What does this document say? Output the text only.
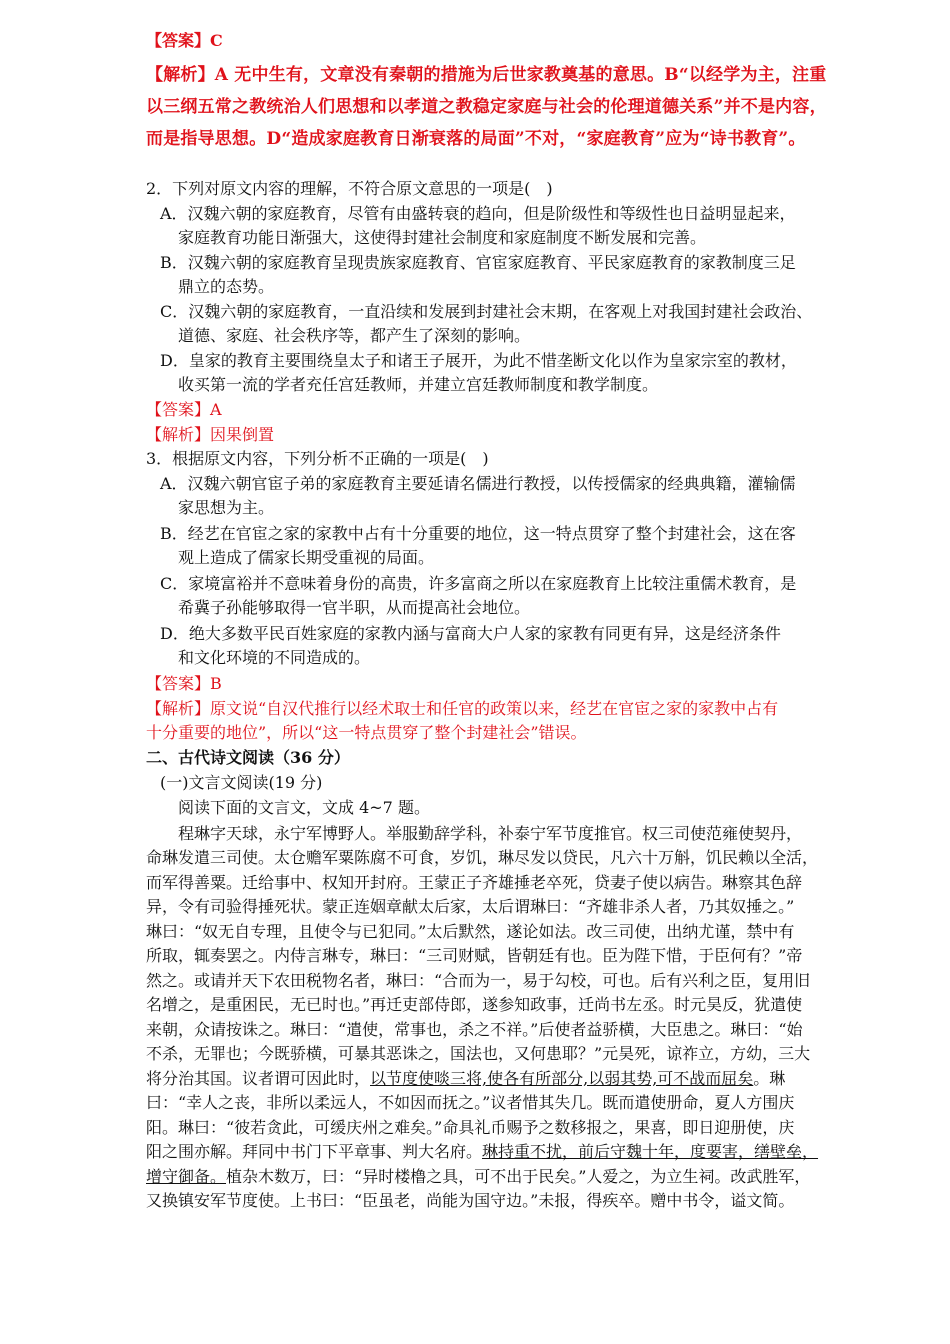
【答案】C
【解析】A 无中生有，文章没有秦朝的措施为后世家教奠基的意思。B“以经学为主，注重
以三纲五常之教统治人们思想和以孝道之教稳定家庭与社会的伦理道德关系”并不是内容，
而是指导思想。D“造成家庭教育日渐衰落的局面”不对，“家庭教育”应为“诗书教育”。
2．下列对原文内容的理解，不符合原文意思的一项是(　)
A．汉魏六朝的家庭教育，尽管有由盛转衰的趋向，但是阶级性和等级性也日益明显起来，
家庭教育功能日渐强大，这使得封建社会制度和家庭制度不断发展和完善。
B．汉魏六朝的家庭教育呈现贵族家庭教育、官宦家庭教育、平民家庭教育的家教制度三足
鼎立的态势。
C．汉魏六朝的家庭教育，一直沿续和发展到封建社会末期，在客观上对我国封建社会政治、
道德、家庭、社会秩序等，都产生了深刻的影响。
D．皇家的教育主要围绕皇太子和诸王子展开，为此不惜垄断文化以作为皇家宗室的教材，
收买第一流的学者充任宫廷教师，并建立宫廷教师制度和教学制度。
【答案】A
【解析】因果倒置
3．根据原文内容，下列分析不正确的一项是(　)
A．汉魏六朝官宦子弟的家庭教育主要延请名儒进行教授，以传授儒家的经典典籍，灌输儒
家思想为主。
B．经艺在官宦之家的家教中占有十分重要的地位，这一特点贯穿了整个封建社会，这在客
观上造成了儒家长期受重视的局面。
C．家境富裕并不意味着身份的高贵，许多富商之所以在家庭教育上比较注重儒术教育，是
希冀子孙能够取得一官半职，从而提高社会地位。
D．绝大多数平民百姓家庭的家教内涵与富商大户人家的家教有同更有异，这是经济条件
和文化环境的不同造成的。
【答案】B
【解析】原文说“自汉代推行以经术取士和任官的政策以来，经艺在官宦之家的家教中占有
十分重要的地位”，所以“这一特点贯穿了整个封建社会”错误。
二、古代诗文阅读（36 分）
(一)文言文阅读(19 分)
阅读下面的文言文，文成 4~7 题。
程琳字天球，永宁军博野人。举服勤辞学科，补泰宁军节度推官。权三司使范雍使契丹，
命琳发遣三司使。太仓赡军粟陈腐不可食，岁饥，琳尽发以贷民，凡六十万斛，饥民赖以全活，
而军得善粟。迁给事中、权知开封府。王蒙正子齐雄捶老卒死，贷妻子使以病告。琳察其色辞
异，令有司验得捶死状。蒙正连姻章献太后家，太后谓琳曰：“齐雄非杀人者，乃其奴捶之。”
琳曰：“奴无自专理，且使令与已犯同。”太后默然，遂论如法。改三司使，出纳尤谨，禁中有
所取，辄奏罢之。内侍言琳专，琳曰：“三司财赋，皆朝廷有也。臣为陛下惜，于臣何有？”帝
然之。或请并天下农田税物名者，琳曰：“合而为一，易于勾校，可也。后有兴利之臣，复用旧
名增之，是重困民，无已时也。”再迁吏部侍郎，遂参知政事，迁尚书左丞。时元昊反，犹遣使
来朝，众请按诛之。琳曰：“遣使，常事也，杀之不祥。”后使者益骄横，大臣患之。琳曰：“始
不杀，无罪也；今既骄横，可暴其恶诛之，国法也，又何患耶？”元昊死，谅祚立，方幼，三大
将分治其国。议者谓可因此时，以节度使啖三将,使各有所部分,以弱其势,可不战而屈矣。琳
曰：“幸人之丧，非所以柔远人，不如因而抚之。”议者惜其失几。既而遣使册命，夏人方围庆
阳。琳曰：“彼若贪此，可缓庆州之难矣。”命具礼币赐予之数移报之，果喜，即日迎册使，庆
阳之围亦解。拜同中书门下平章事、判大名府。琳持重不扰，前后守魏十年，度要害，缮壁垒，
增守御备。植杂木数万，曰：“异时楼橹之具，可不出于民矣。”人爱之，为立生祠。改武胜军，
又换镇安军节度使。上书曰：“臣虽老，尚能为国守边。”未报，得疾卒。赠中书令，谥文简。
